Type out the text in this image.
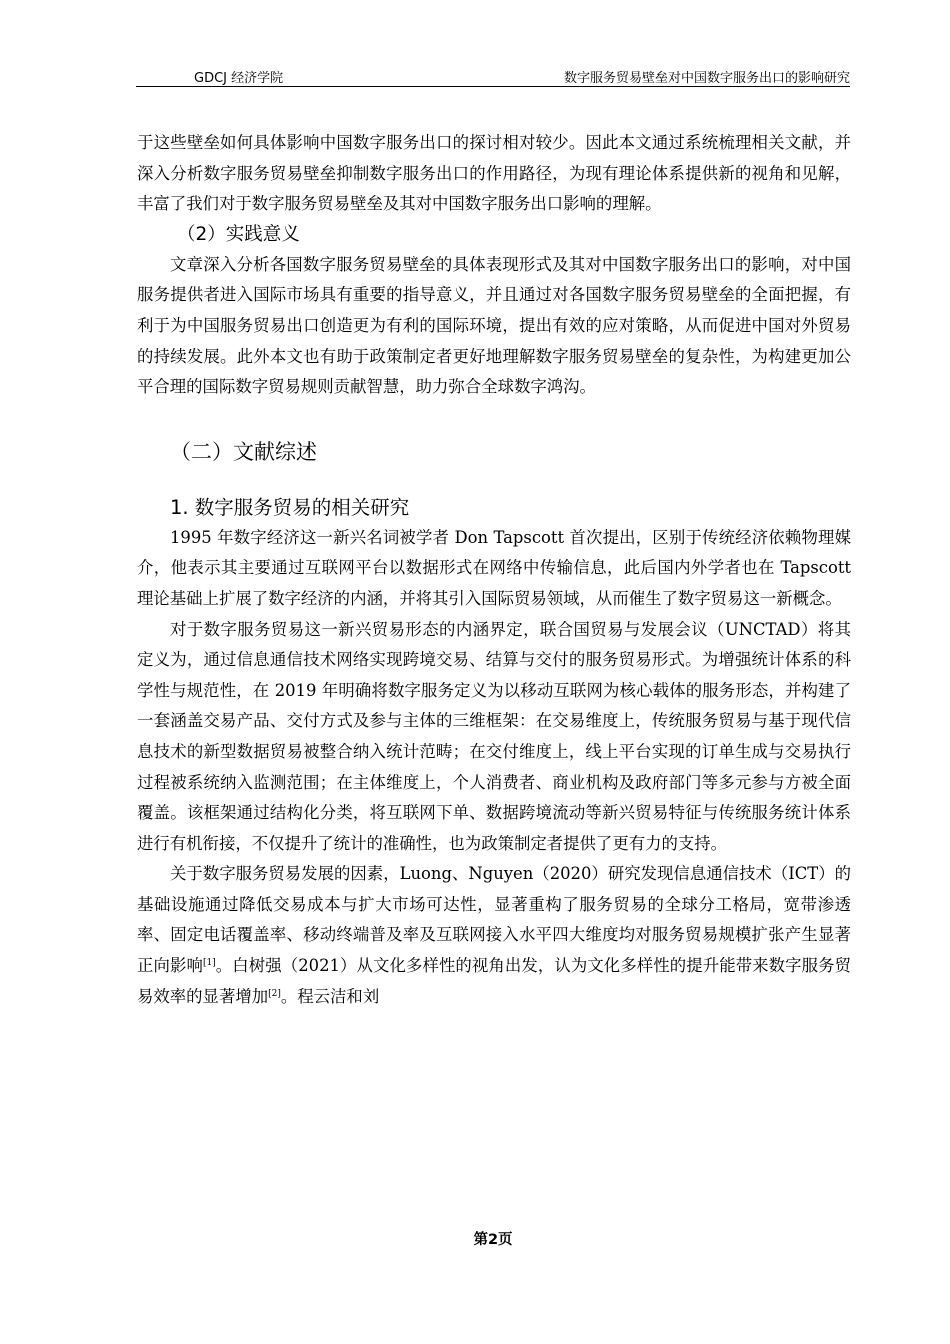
GDCJ 经济学院	数字服务贸易壁垒对中国数字服务出口的影响研究

于这些壁垒如何具体影响中国数字服务出口的探讨相对较少。因此本文通过系统梳理相关文献，并深入分析数字服务贸易壁垒抑制数字服务出口的作用路径，为现有理论体系提供新的视角和见解，丰富了我们对于数字服务贸易壁垒及其对中国数字服务出口影响的理解。

（2）实践意义

文章深入分析各国数字服务贸易壁垒的具体表现形式及其对中国数字服务出口的影响，对中国服务提供者进入国际市场具有重要的指导意义，并且通过对各国数字服务贸易壁垒的全面把握，有利于为中国服务贸易出口创造更为有利的国际环境，提出有效的应对策略，从而促进中国对外贸易的持续发展。此外本文也有助于政策制定者更好地理解数字服务贸易壁垒的复杂性，为构建更加公平合理的国际数字贸易规则贡献智慧，助力弥合全球数字鸿沟。

（二）文献综述
1. 数字服务贸易的相关研究

1995 年数字经济这一新兴名词被学者 Don Tapscott 首次提出，区别于传统经济依赖物理媒介，他表示其主要通过互联网平台以数据形式在网络中传输信息，此后国内外学者也在 Tapscott 理论基础上扩展了数字经济的内涵，并将其引入国际贸易领域，从而催生了数字贸易这一新概念。

对于数字服务贸易这一新兴贸易形态的内涵界定，联合国贸易与发展会议（UNCTAD）将其定义为，通过信息通信技术网络实现跨境交易、结算与交付的服务贸易形式。为增强统计体系的科学性与规范性，在 2019 年明确将数字服务定义为以移动互联网为核心载体的服务形态，并构建了一套涵盖交易产品、交付方式及参与主体的三维框架：在交易维度上，传统服务贸易与基于现代信息技术的新型数据贸易被整合纳入统计范畴；在交付维度上，线上平台实现的订单生成与交易执行过程被系统纳入监测范围；在主体维度上，个人消费者、商业机构及政府部门等多元参与方被全面覆盖。该框架通过结构化分类，将互联网下单、数据跨境流动等新兴贸易特征与传统服务统计体系进行有机衔接，不仅提升了统计的准确性，也为政策制定者提供了更有力的支持。

关于数字服务贸易发展的因素，Luong、Nguyen（2020）研究发现信息通信技术（ICT）的基础设施通过降低交易成本与扩大市场可达性，显著重构了服务贸易的全球分工格局，宽带渗透率、固定电话覆盖率、移动终端普及率及互联网接入水平四大维度均对服务贸易规模扩张产生显著正向影响[1]。白树强（2021）从文化多样性的视角出发，认为文化多样性的提升能带来数字服务贸易效率的显著增加[2]。程云洁和刘

第2页
